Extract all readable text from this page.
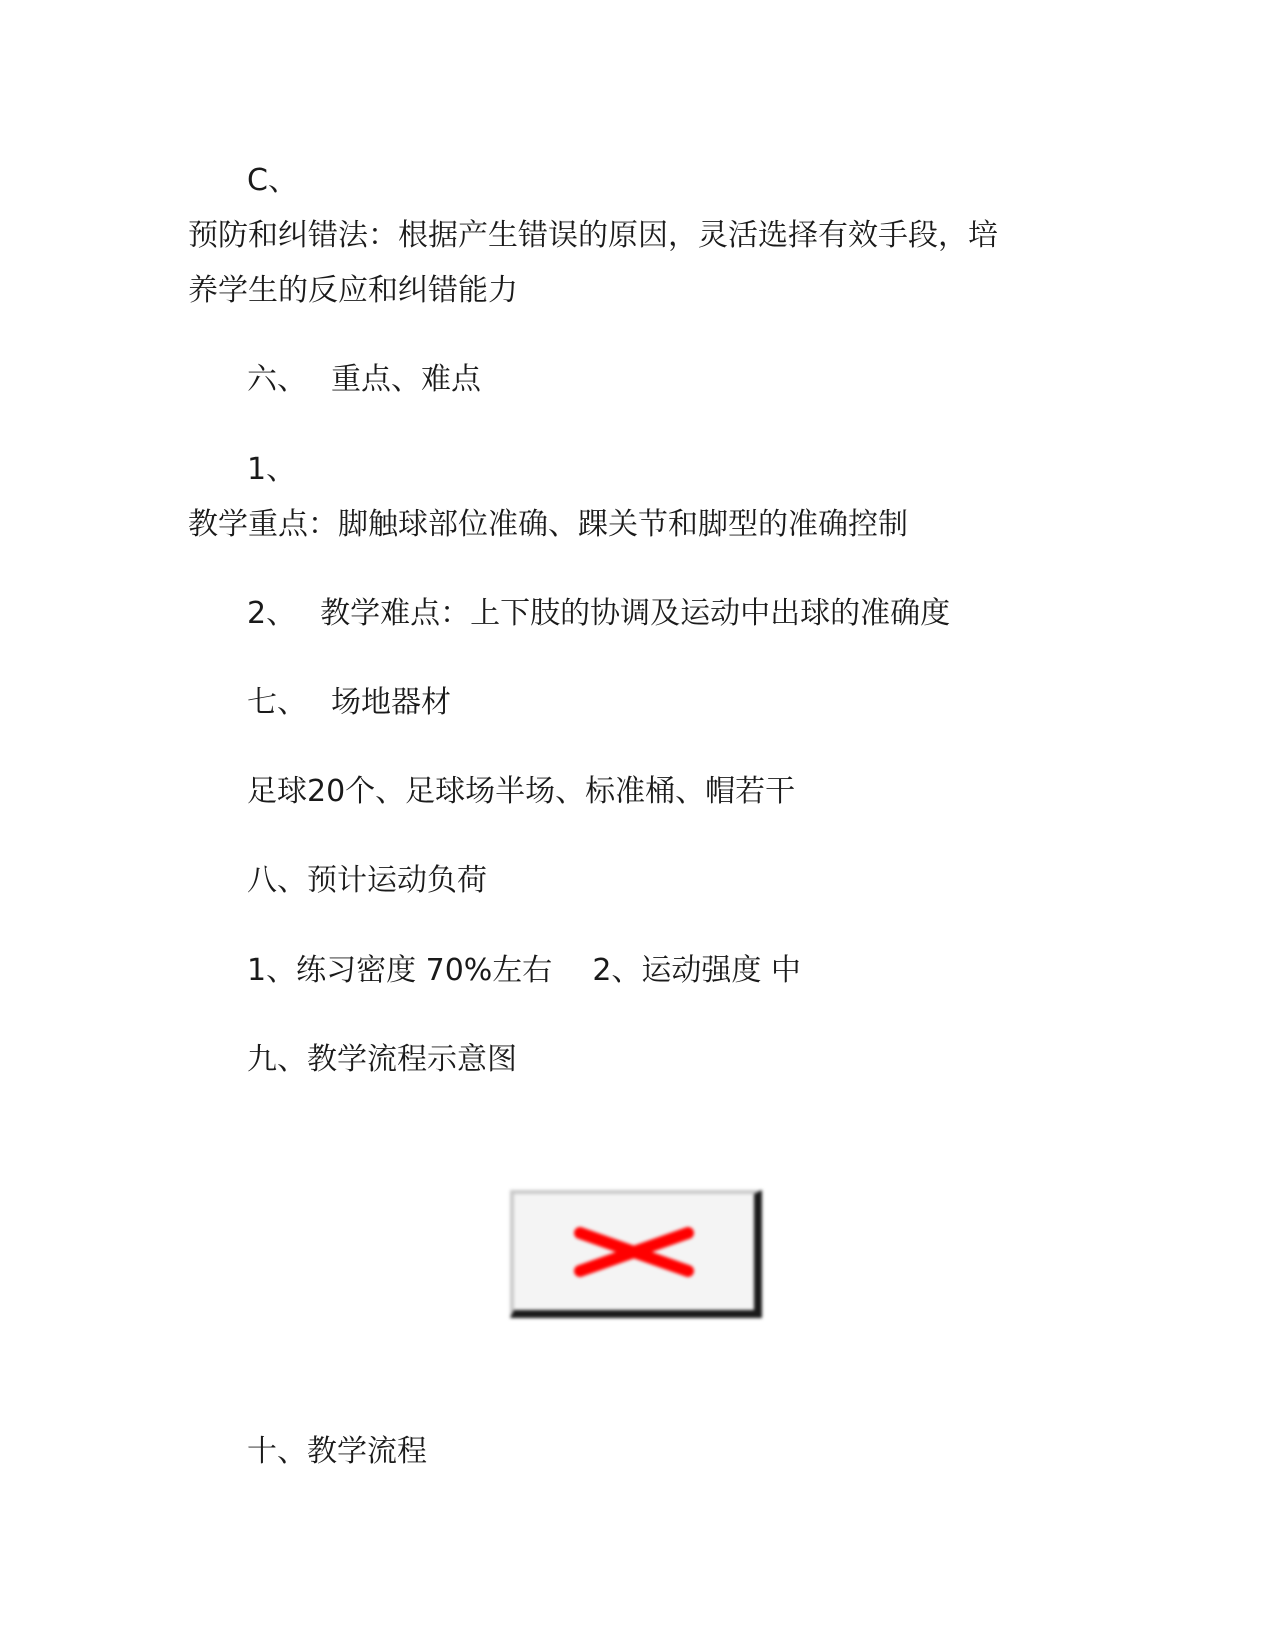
C、
预防和纠错法：根据产生错误的原因，灵活选择有效手段，培
养学生的反应和纠错能力
六、 重点、难点
1、
教学重点：脚触球部位准确、踝关节和脚型的准确控制
2、 教学难点：上下肢的协调及运动中出球的准确度
七、 场地器材
足球20个、足球场半场、标准桶、帽若干
八、预计运动负荷
1、练习密度 70%左右 2、运动强度 中
九、教学流程示意图
十、教学流程
